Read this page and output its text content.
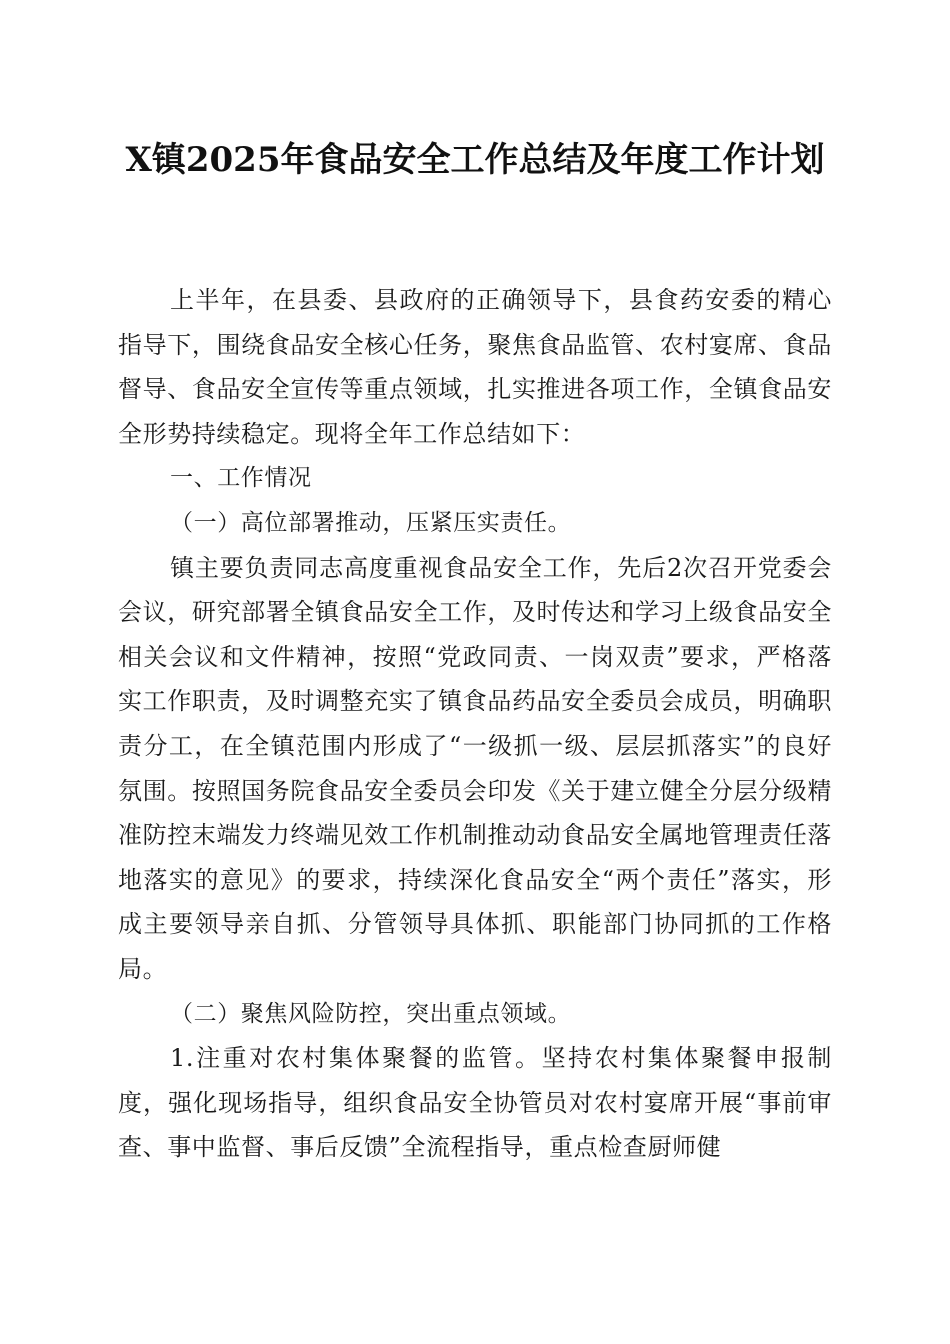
X镇2025年食品安全工作总结及年度工作计划

上半年，在县委、县政府的正确领导下，县食药安委的精心指导下，围绕食品安全核心任务，聚焦食品监管、农村宴席、食品督导、食品安全宣传等重点领域，扎实推进各项工作，全镇食品安全形势持续稳定。现将全年工作总结如下：

一、工作情况

（一）高位部署推动，压紧压实责任。

镇主要负责同志高度重视食品安全工作，先后2次召开党委会会议，研究部署全镇食品安全工作，及时传达和学习上级食品安全相关会议和文件精神，按照“党政同责、一岗双责”要求，严格落实工作职责，及时调整充实了镇食品药品安全委员会成员，明确职责分工，在全镇范围内形成了“一级抓一级、层层抓落实”的良好氛围。按照国务院食品安全委员会印发《关于建立健全分层分级精准防控末端发力终端见效工作机制推动动食品安全属地管理责任落地落实的意见》的要求，持续深化食品安全“两个责任”落实，形成主要领导亲自抓、分管领导具体抓、职能部门协同抓的工作格局。

（二）聚焦风险防控，突出重点领域。

1.注重对农村集体聚餐的监管。坚持农村集体聚餐申报制度，强化现场指导，组织食品安全协管员对农村宴席开展“事前审查、事中监督、事后反馈”全流程指导，重点检查厨师健
